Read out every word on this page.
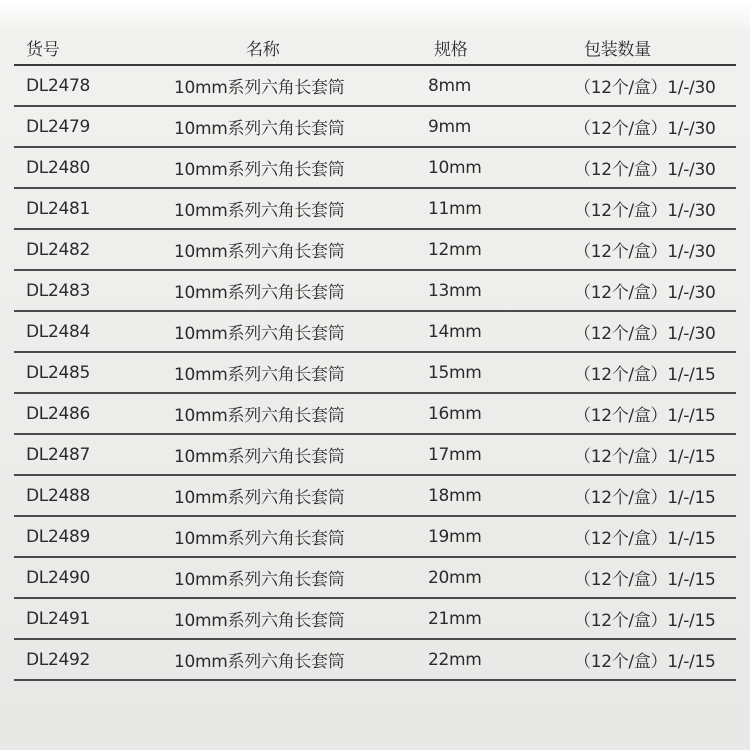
货号	名称	规格	包装数量
DL2478	10mm系列六角长套筒	8mm	（12个/盒）1/-/30
DL2479	10mm系列六角长套筒	9mm	（12个/盒）1/-/30
DL2480	10mm系列六角长套筒	10mm	（12个/盒）1/-/30
DL2481	10mm系列六角长套筒	11mm	（12个/盒）1/-/30
DL2482	10mm系列六角长套筒	12mm	（12个/盒）1/-/30
DL2483	10mm系列六角长套筒	13mm	（12个/盒）1/-/30
DL2484	10mm系列六角长套筒	14mm	（12个/盒）1/-/30
DL2485	10mm系列六角长套筒	15mm	（12个/盒）1/-/15
DL2486	10mm系列六角长套筒	16mm	（12个/盒）1/-/15
DL2487	10mm系列六角长套筒	17mm	（12个/盒）1/-/15
DL2488	10mm系列六角长套筒	18mm	（12个/盒）1/-/15
DL2489	10mm系列六角长套筒	19mm	（12个/盒）1/-/15
DL2490	10mm系列六角长套筒	20mm	（12个/盒）1/-/15
DL2491	10mm系列六角长套筒	21mm	（12个/盒）1/-/15
DL2492	10mm系列六角长套筒	22mm	（12个/盒）1/-/15
